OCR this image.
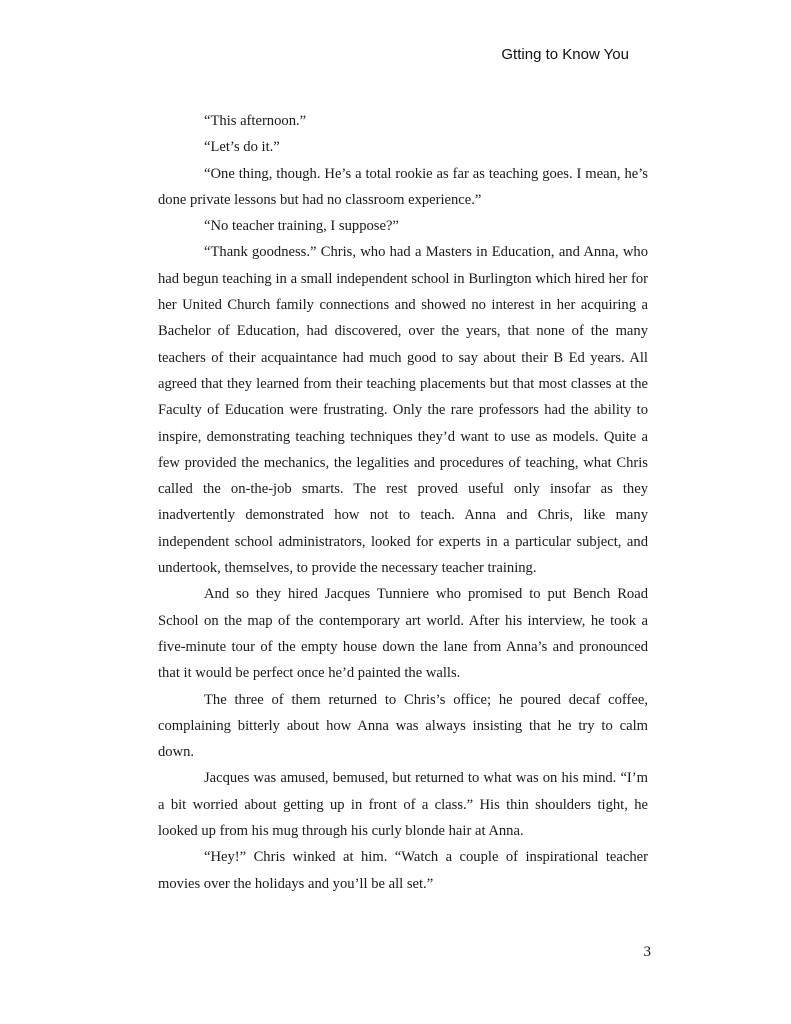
Gtting to Know You

“This afternoon.”

“Let’s do it.”

“One thing, though. He’s a total rookie as far as teaching goes. I mean, he’s done private lessons but had no classroom experience.”

“No teacher training, I suppose?”

“Thank goodness.” Chris, who had a Masters in Education, and Anna, who had begun teaching in a small independent school in Burlington which hired her for her United Church family connections and showed no interest in her acquiring a Bachelor of Education, had discovered, over the years, that none of the many teachers of their acquaintance had much good to say about their B Ed years. All agreed that they learned from their teaching placements but that most classes at the Faculty of Education were frustrating. Only the rare professors had the ability to inspire, demonstrating teaching techniques they’d want to use as models. Quite a few provided the mechanics, the legalities and procedures of teaching, what Chris called the on-the-job smarts. The rest proved useful only insofar as they inadvertently demonstrated how not to teach. Anna and Chris, like many independent school administrators, looked for experts in a particular subject, and undertook, themselves, to provide the necessary teacher training.

And so they hired Jacques Tunniere who promised to put Bench Road School on the map of the contemporary art world. After his interview, he took a five-minute tour of the empty house down the lane from Anna’s and pronounced that it would be perfect once he’d painted the walls.

The three of them returned to Chris’s office; he poured decaf coffee, complaining bitterly about how Anna was always insisting that he try to calm down.

Jacques was amused, bemused, but returned to what was on his mind. “I’m a bit worried about getting up in front of a class.” His thin shoulders tight, he looked up from his mug through his curly blonde hair at Anna.

“Hey!” Chris winked at him. “Watch a couple of inspirational teacher movies over the holidays and you’ll be all set.”

3
